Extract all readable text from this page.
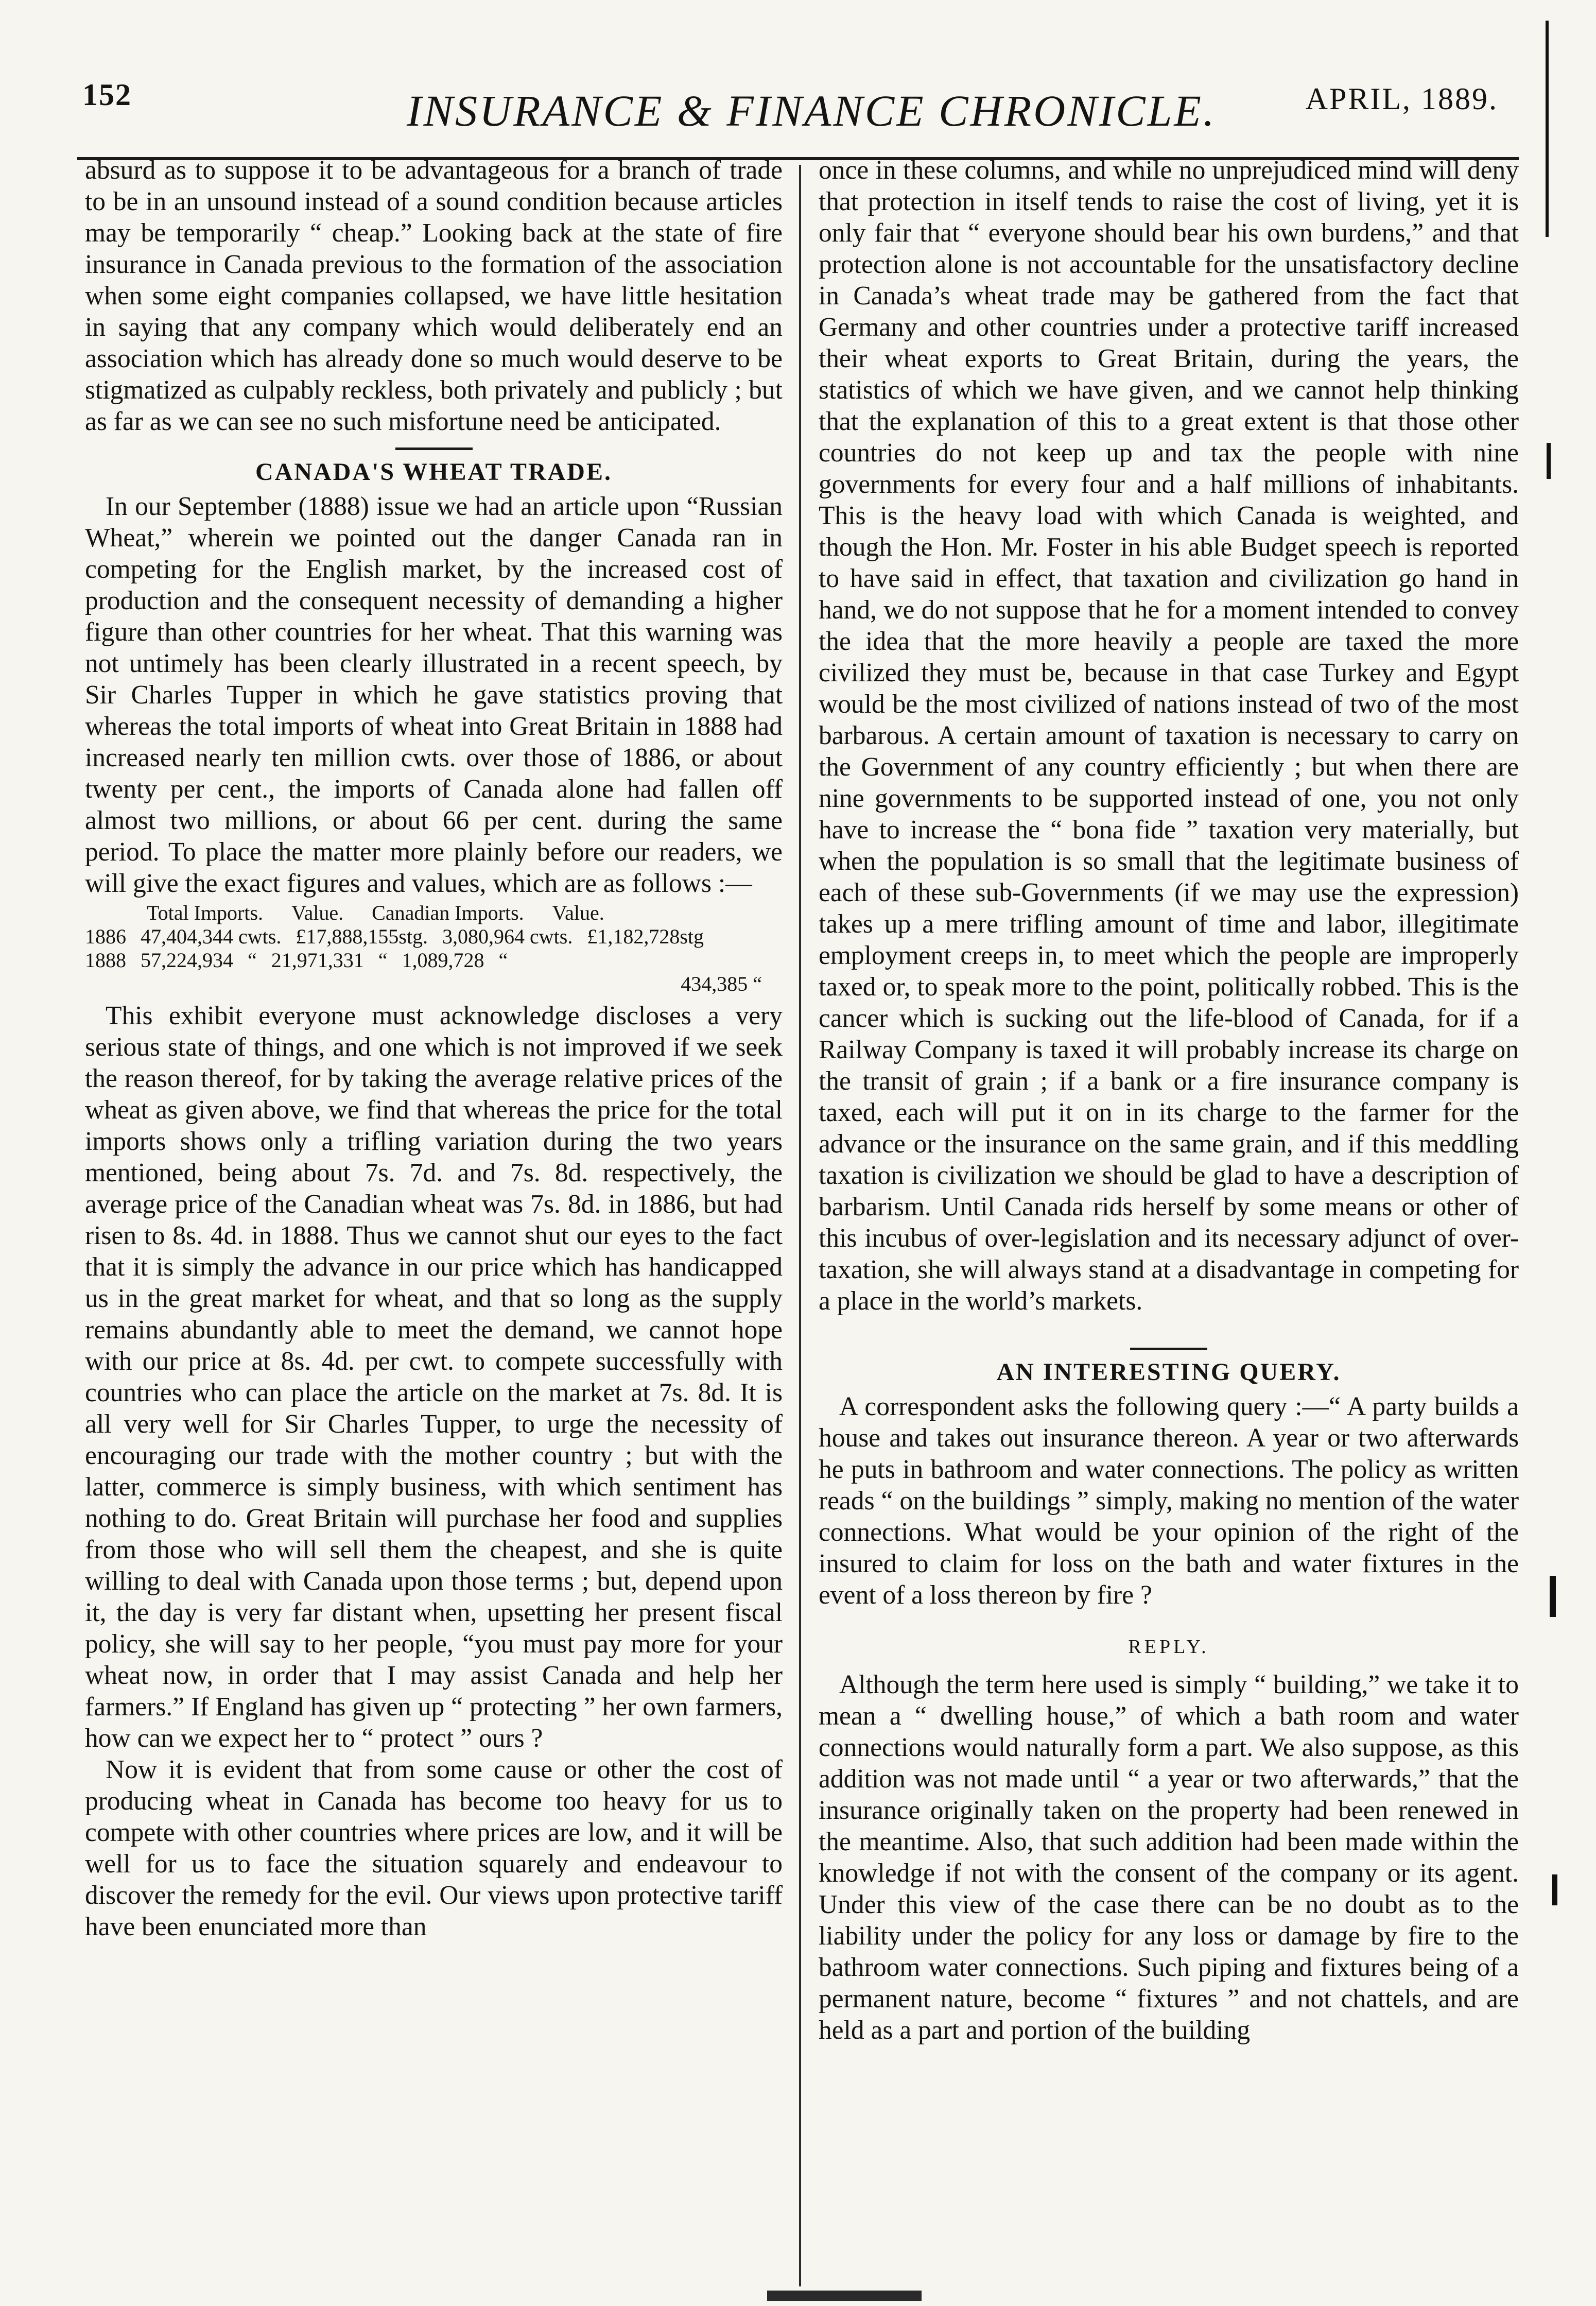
152	INSURANCE & FINANCE CHRONICLE.	APRIL, 1889.

absurd as to suppose it to be advantageous for a branch of trade to be in an unsound instead of a sound condition because articles may be temporarily “ cheap.” Looking back at the state of fire insurance in Canada previous to the formation of the association when some eight companies collapsed, we have little hesitation in saying that any company which would deliberately end an association which has already done so much would deserve to be stigmatized as culpably reckless, both privately and publicly ; but as far as we can see no such misfortune need be anticipated.

CANADA'S WHEAT TRADE.

In our September (1888) issue we had an article upon “Russian Wheat,” wherein we pointed out the danger Canada ran in competing for the English market, by the increased cost of production and the consequent necessity of demanding a higher figure than other countries for her wheat. That this warning was not untimely has been clearly illustrated in a recent speech, by Sir Charles Tupper in which he gave statistics proving that whereas the total imports of wheat into Great Britain in 1888 had increased nearly ten million cwts. over those of 1886, or about twenty per cent., the imports of Canada alone had fallen off almost two millions, or about 66 per cent. during the same period. To place the matter more plainly before our readers, we will give the exact figures and values, which are as follows :—

Total Imports. Value. Canadian Imports. Value.
1886 47,404,344 cwts. £17,888,155stg. 3,080,964 cwts. £1,182,728stg
1888 57,224,934 “ 21,971,331 “ 1,089,728 “
434,385 “

This exhibit everyone must acknowledge discloses a very serious state of things, and one which is not improved if we seek the reason thereof, for by taking the average relative prices of the wheat as given above, we find that whereas the price for the total imports shows only a trifling variation during the two years mentioned, being about 7s. 7d. and 7s. 8d. respectively, the average price of the Canadian wheat was 7s. 8d. in 1886, but had risen to 8s. 4d. in 1888. Thus we cannot shut our eyes to the fact that it is simply the advance in our price which has handicapped us in the great market for wheat, and that so long as the supply remains abundantly able to meet the demand, we cannot hope with our price at 8s. 4d. per cwt. to compete successfully with countries who can place the article on the market at 7s. 8d. It is all very well for Sir Charles Tupper, to urge the necessity of encouraging our trade with the mother country ; but with the latter, commerce is simply business, with which sentiment has nothing to do. Great Britain will purchase her food and supplies from those who will sell them the cheapest, and she is quite willing to deal with Canada upon those terms ; but, depend upon it, the day is very far distant when, upsetting her present fiscal policy, she will say to her people, “you must pay more for your wheat now, in order that I may assist Canada and help her farmers.” If England has given up “ protecting ” her own farmers, how can we expect her to “ protect ” ours ?

Now it is evident that from some cause or other the cost of producing wheat in Canada has become too heavy for us to compete with other countries where prices are low, and it will be well for us to face the situation squarely and endeavour to discover the remedy for the evil. Our views upon protective tariff have been enunciated more than

once in these columns, and while no unprejudiced mind will deny that protection in itself tends to raise the cost of living, yet it is only fair that “ everyone should bear his own burdens,” and that protection alone is not accountable for the unsatisfactory decline in Canada’s wheat trade may be gathered from the fact that Germany and other countries under a protective tariff increased their wheat exports to Great Britain, during the years, the statistics of which we have given, and we cannot help thinking that the explanation of this to a great extent is that those other countries do not keep up and tax the people with nine governments for every four and a half millions of inhabitants. This is the heavy load with which Canada is weighted, and though the Hon. Mr. Foster in his able Budget speech is reported to have said in effect, that taxation and civilization go hand in hand, we do not suppose that he for a moment intended to convey the idea that the more heavily a people are taxed the more civilized they must be, because in that case Turkey and Egypt would be the most civilized of nations instead of two of the most barbarous. A certain amount of taxation is necessary to carry on the Government of any country efficiently ; but when there are nine governments to be supported instead of one, you not only have to increase the “ bona fide ” taxation very materially, but when the population is so small that the legitimate business of each of these sub-Governments (if we may use the expression) takes up a mere trifling amount of time and labor, illegitimate employment creeps in, to meet which the people are improperly taxed or, to speak more to the point, politically robbed. This is the cancer which is sucking out the life-blood of Canada, for if a Railway Company is taxed it will probably increase its charge on the transit of grain ; if a bank or a fire insurance company is taxed, each will put it on in its charge to the farmer for the advance or the insurance on the same grain, and if this meddling taxation is civilization we should be glad to have a description of barbarism. Until Canada rids herself by some means or other of this incubus of over-legislation and its necessary adjunct of over-taxation, she will always stand at a disadvantage in competing for a place in the world’s markets.

AN INTERESTING QUERY.

A correspondent asks the following query :—“ A party builds a house and takes out insurance thereon. A year or two afterwards he puts in bathroom and water connections. The policy as written reads “ on the buildings ” simply, making no mention of the water connections. What would be your opinion of the right of the insured to claim for loss on the bath and water fixtures in the event of a loss thereon by fire ?

REPLY.

Although the term here used is simply “ building,” we take it to mean a “ dwelling house,” of which a bath room and water connections would naturally form a part. We also suppose, as this addition was not made until “ a year or two afterwards,” that the insurance originally taken on the property had been renewed in the meantime. Also, that such addition had been made within the knowledge if not with the consent of the company or its agent. Under this view of the case there can be no doubt as to the liability under the policy for any loss or damage by fire to the bathroom water connections. Such piping and fixtures being of a permanent nature, become “ fixtures ” and not chattels, and are held as a part and portion of the building
